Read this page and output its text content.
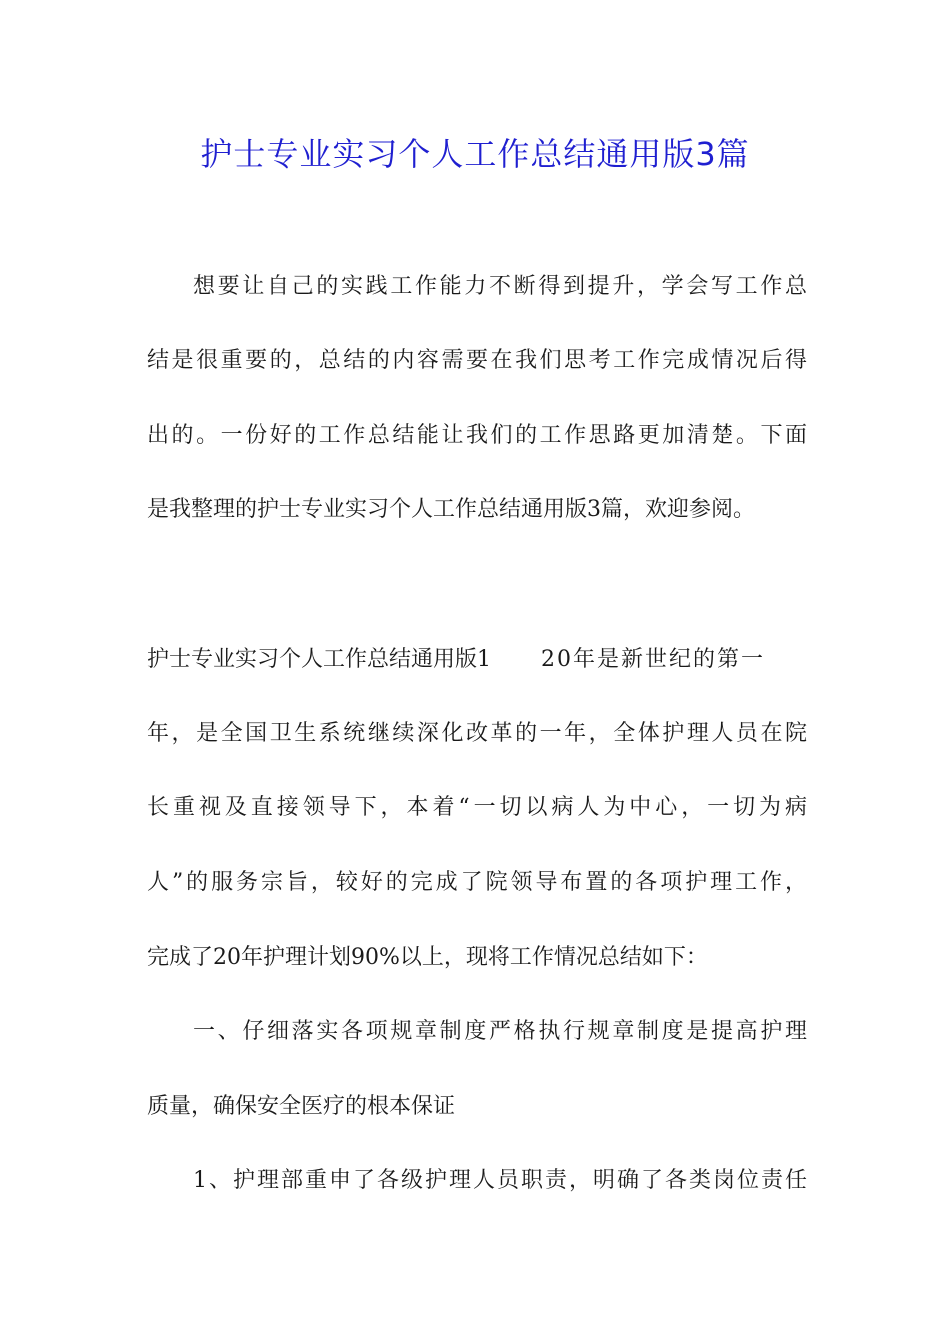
护士专业实习个人工作总结通用版3篇
想要让自己的实践工作能力不断得到提升，学会写工作总
结是很重要的，总结的内容需要在我们思考工作完成情况后得
出的。一份好的工作总结能让我们的工作思路更加清楚。下面
是我整理的护士专业实习个人工作总结通用版3篇，欢迎参阅。
护士专业实习个人工作总结通用版1 20年是新世纪的第一
年，是全国卫生系统继续深化改革的一年，全体护理人员在院
长重视及直接领导下，本着“一切以病人为中心，一切为病
人”的服务宗旨，较好的完成了院领导布置的各项护理工作，
完成了20年护理计划90%以上，现将工作情况总结如下：
一、仔细落实各项规章制度严格执行规章制度是提高护理
质量，确保安全医疗的根本保证
1、护理部重申了各级护理人员职责，明确了各类岗位责任
